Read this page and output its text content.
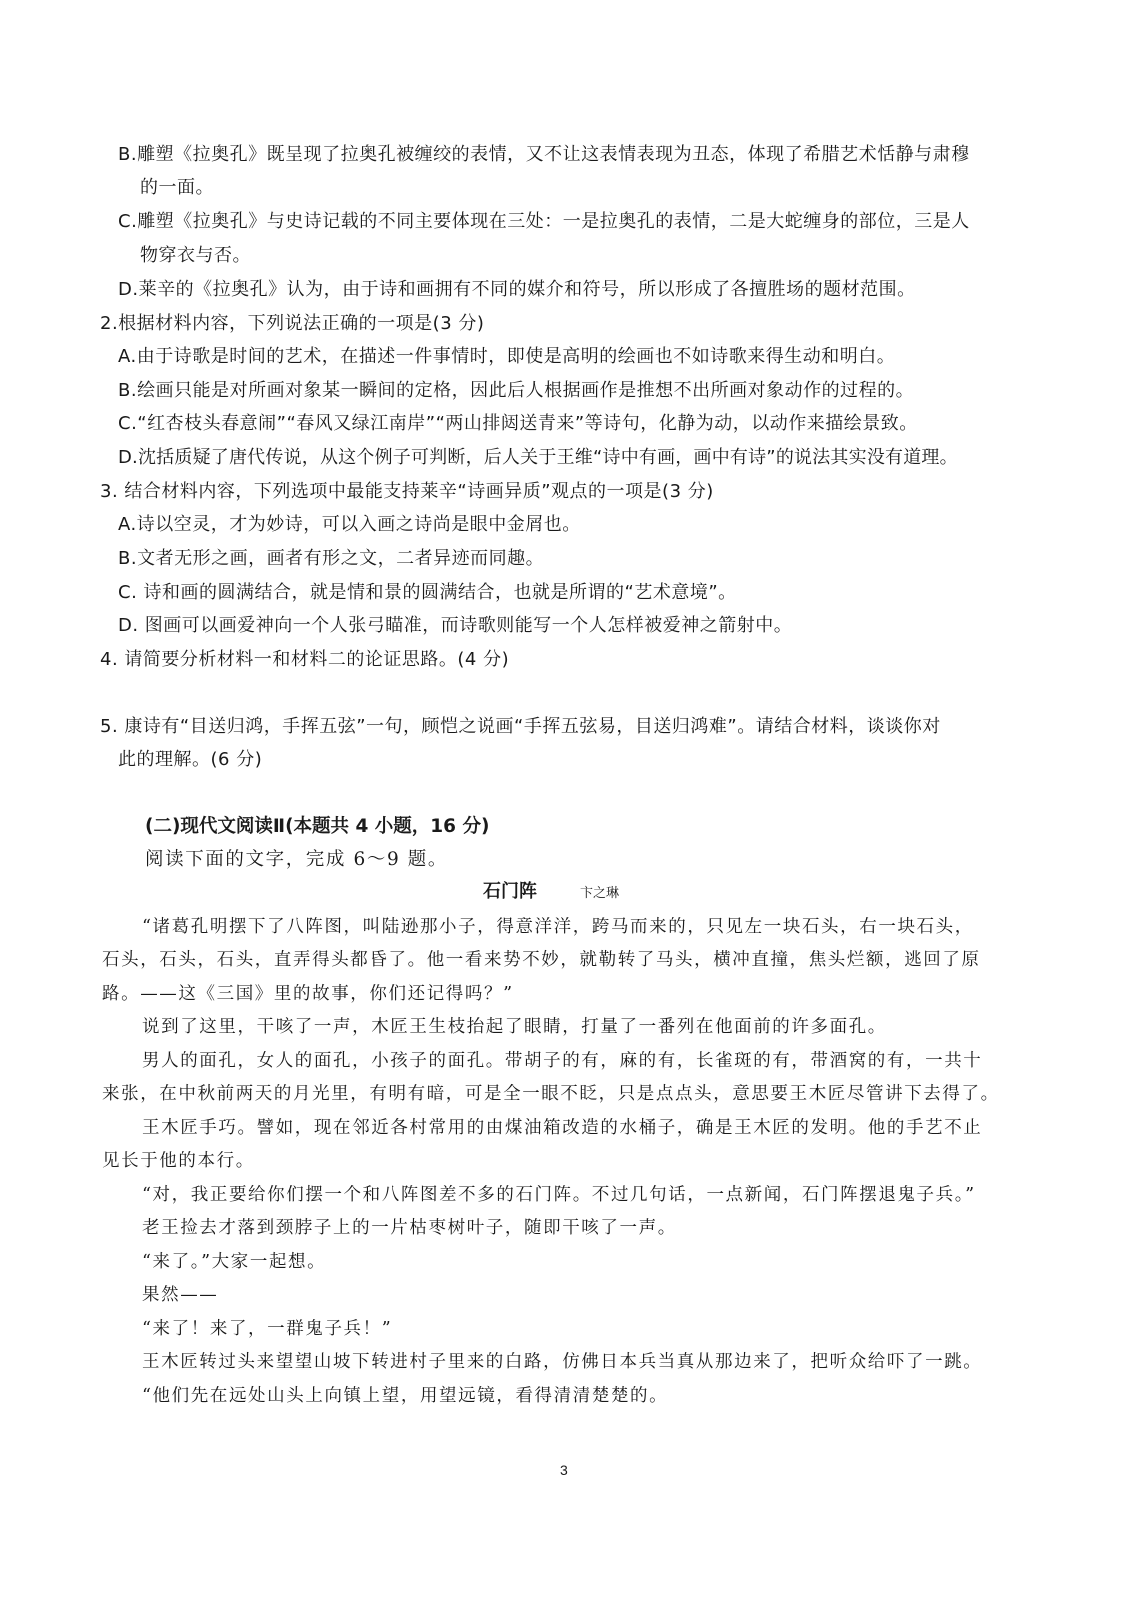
B.雕塑《拉奥孔》既呈现了拉奥孔被缠绞的表情，又不让这表情表现为丑态，体现了希腊艺术恬静与肃穆
的一面。
C.雕塑《拉奥孔》与史诗记载的不同主要体现在三处：一是拉奥孔的表情，二是大蛇缠身的部位，三是人
物穿衣与否。
D.莱辛的《拉奥孔》认为，由于诗和画拥有不同的媒介和符号，所以形成了各擅胜场的题材范围。
2.根据材料内容，下列说法正确的一项是(3 分)
A.由于诗歌是时间的艺术，在描述一件事情时，即使是高明的绘画也不如诗歌来得生动和明白。
B.绘画只能是对所画对象某一瞬间的定格，因此后人根据画作是推想不出所画对象动作的过程的。
C.“红杏枝头春意闹”“春风又绿江南岸”“两山排闼送青来”等诗句，化静为动，以动作来描绘景致。
D.沈括质疑了唐代传说，从这个例子可判断，后人关于王维“诗中有画，画中有诗”的说法其实没有道理。
3. 结合材料内容，下列选项中最能支持莱辛“诗画异质”观点的一项是(3 分)
A.诗以空灵，才为妙诗，可以入画之诗尚是眼中金屑也。
B.文者无形之画，画者有形之文，二者异迹而同趣。
C. 诗和画的圆满结合，就是情和景的圆满结合，也就是所谓的“艺术意境”。
D. 图画可以画爱神向一个人张弓瞄准，而诗歌则能写一个人怎样被爱神之箭射中。
4. 请简要分析材料一和材料二的论证思路。(4 分)
5. 康诗有“目送归鸿，手挥五弦”一句，顾恺之说画“手挥五弦易，目送归鸿难”。请结合材料，谈谈你对
此的理解。(6 分)
(二)现代文阅读Ⅱ(本题共 4 小题，16 分)
阅读下面的文字，完成 6～9 题。
石门阵	卞之琳
“诸葛孔明摆下了八阵图，叫陆逊那小子，得意洋洋，跨马而来的，只见左一块石头，右一块石头，
石头，石头，石头，直弄得头都昏了。他一看来势不妙，就勒转了马头，横冲直撞，焦头烂额，逃回了原
路。——这《三国》里的故事，你们还记得吗？”
说到了这里，干咳了一声，木匠王生枝抬起了眼睛，打量了一番列在他面前的许多面孔。
男人的面孔，女人的面孔，小孩子的面孔。带胡子的有，麻的有，长雀斑的有，带酒窝的有，一共十
来张，在中秋前两天的月光里，有明有暗，可是全一眼不眨，只是点点头，意思要王木匠尽管讲下去得了。
王木匠手巧。譬如，现在邻近各村常用的由煤油箱改造的水桶子，确是王木匠的发明。他的手艺不止
见长于他的本行。
“对，我正要给你们摆一个和八阵图差不多的石门阵。不过几句话，一点新闻，石门阵摆退鬼子兵。”
老王捡去才落到颈脖子上的一片枯枣树叶子，随即干咳了一声。
“来了。”大家一起想。
果然——
“来了！来了，一群鬼子兵！”
王木匠转过头来望望山坡下转进村子里来的白路，仿佛日本兵当真从那边来了，把听众给吓了一跳。
“他们先在远处山头上向镇上望，用望远镜，看得清清楚楚的。
3
